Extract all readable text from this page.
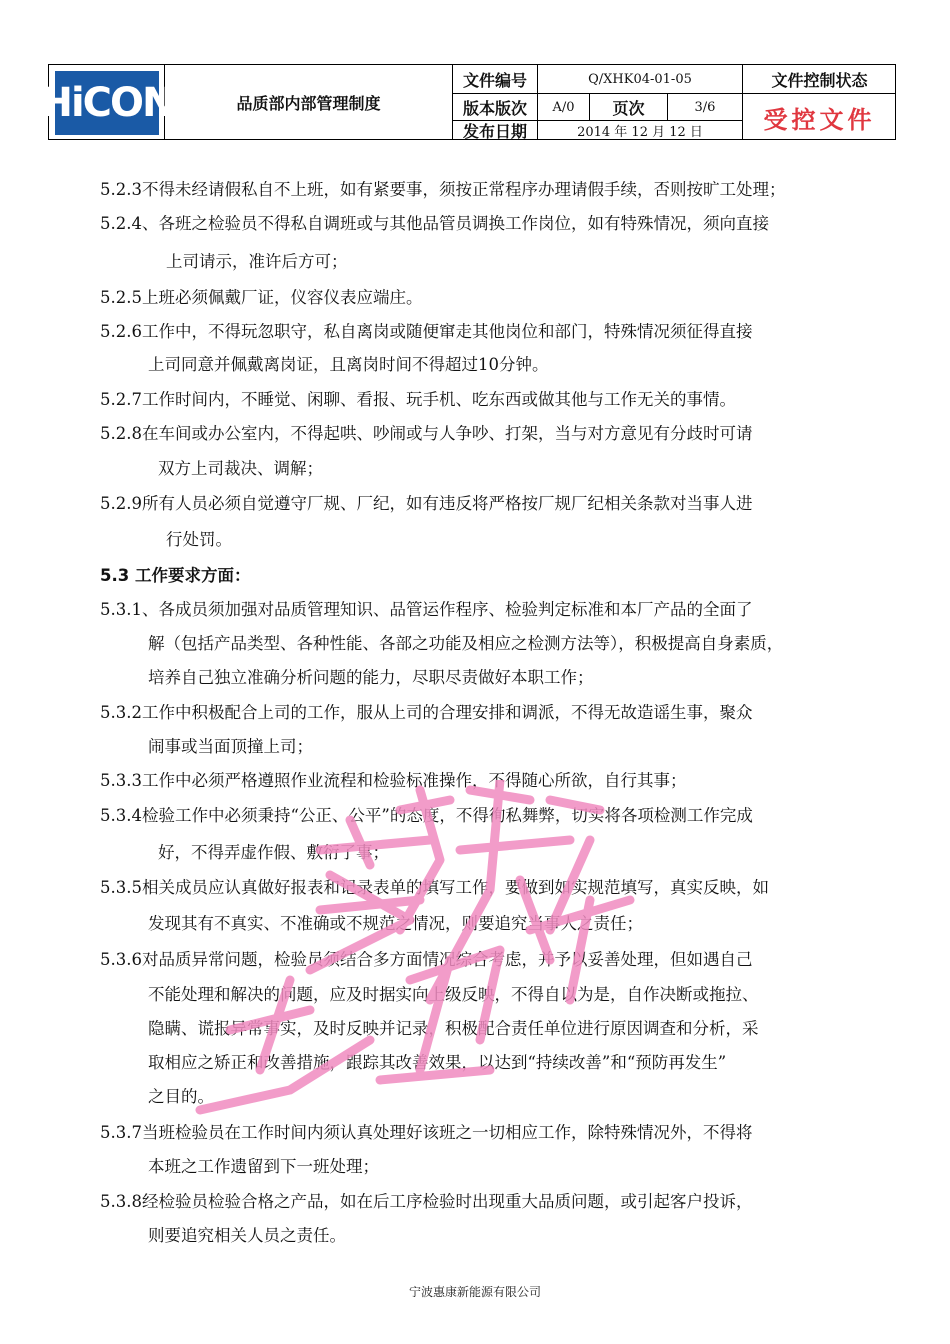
HiCON	品质部内部管理制度
文件编号	Q/XHK04-01-05	文件控制状态
版本版次	A/0	页次	3/6	受控文件
发布日期	2014 年 12 月 12 日
5.2.3不得未经请假私自不上班，如有紧要事，须按正常程序办理请假手续，否则按旷工处理；
5.2.4、各班之检验员不得私自调班或与其他品管员调换工作岗位，如有特殊情况，须向直接
上司请示，准许后方可；
5.2.5上班必须佩戴厂证，仪容仪表应端庄。
5.2.6工作中，不得玩忽职守，私自离岗或随便窜走其他岗位和部门，特殊情况须征得直接
上司同意并佩戴离岗证，且离岗时间不得超过10分钟。
5.2.7工作时间内，不睡觉、闲聊、看报、玩手机、吃东西或做其他与工作无关的事情。
5.2.8在车间或办公室内，不得起哄、吵闹或与人争吵、打架，当与对方意见有分歧时可请
双方上司裁决、调解；
5.2.9所有人员必须自觉遵守厂规、厂纪，如有违反将严格按厂规厂纪相关条款对当事人进
行处罚。
5.3 工作要求方面：
5.3.1、各成员须加强对品质管理知识、品管运作程序、检验判定标准和本厂产品的全面了
解（包括产品类型、各种性能、各部之功能及相应之检测方法等），积极提高自身素质，
培养自己独立准确分析问题的能力，尽职尽责做好本职工作；
5.3.2工作中积极配合上司的工作，服从上司的合理安排和调派，不得无故造谣生事，聚众
闹事或当面顶撞上司；
5.3.3工作中必须严格遵照作业流程和检验标准操作，不得随心所欲，自行其事；
5.3.4检验工作中必须秉持“公正、公平”的态度，不得徇私舞弊，切实将各项检测工作完成
好，不得弄虚作假、敷衍了事；
5.3.5相关成员应认真做好报表和记录表单的填写工作，要做到如实规范填写，真实反映，如
发现其有不真实、不准确或不规范之情况，则要追究当事人之责任；
5.3.6对品质异常问题，检验员须结合多方面情况综合考虑，并予以妥善处理，但如遇自己
不能处理和解决的问题，应及时据实向上级反映，不得自以为是，自作决断或拖拉、
隐瞒、谎报异常事实，及时反映并记录，积极配合责任单位进行原因调查和分析，采
取相应之矫正和改善措施，跟踪其改善效果，以达到“持续改善”和“预防再发生”
之目的。
5.3.7当班检验员在工作时间内须认真处理好该班之一切相应工作，除特殊情况外，不得将
本班之工作遗留到下一班处理；
5.3.8经检验员检验合格之产品，如在后工序检验时出现重大品质问题，或引起客户投诉，
则要追究相关人员之责任。
宁波惠康新能源有限公司
